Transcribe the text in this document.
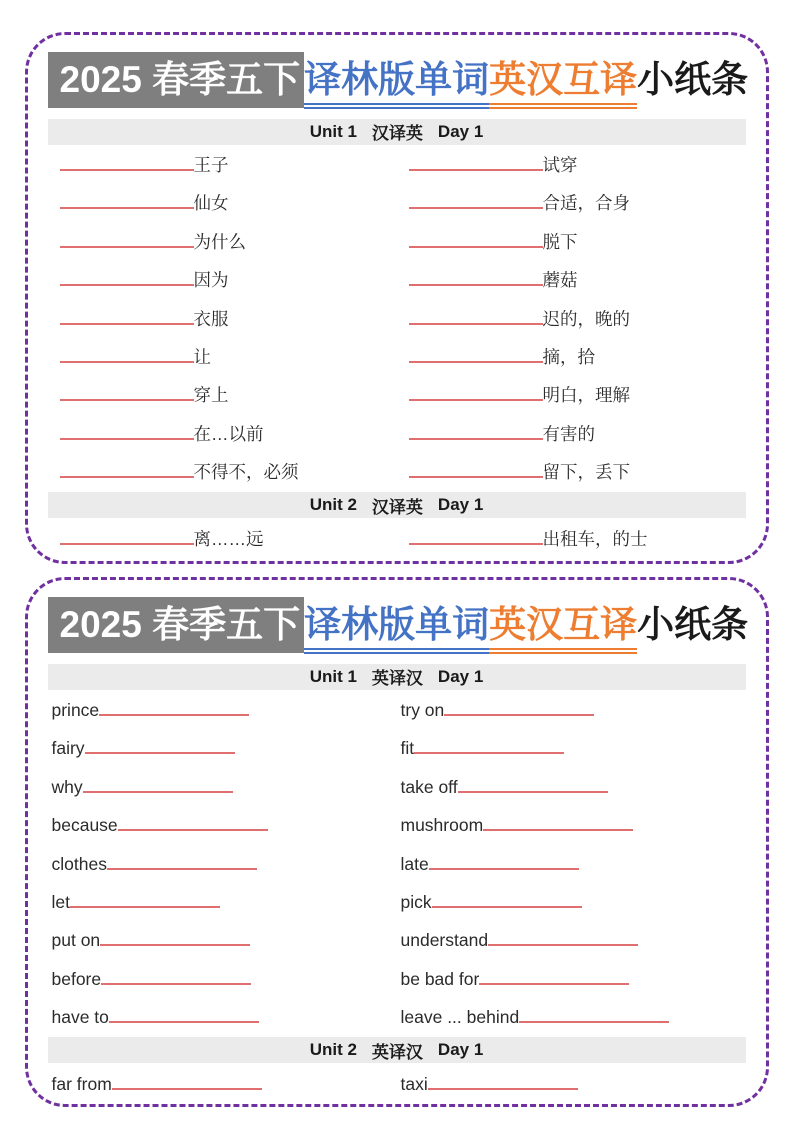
2025 春季五下 译林版单词英汉互译小纸条
Unit 1 汉译英 Day 1
王子	试穿
仙女	合适，合身
为什么	脱下
因为	蘑菇
衣服	迟的，晚的
让	摘，拾
穿上	明白，理解
在…以前	有害的
不得不，必须	留下，丢下
Unit 2 汉译英 Day 1
离……远	出租车，的士
2025 春季五下 译林版单词英汉互译小纸条
Unit 1 英译汉 Day 1
prince	try on
fairy	fit
why	take off
because	mushroom
clothes	late
let	pick
put on	understand
before	be bad for
have to	leave ... behind
Unit 2 英译汉 Day 1
far from	taxi
